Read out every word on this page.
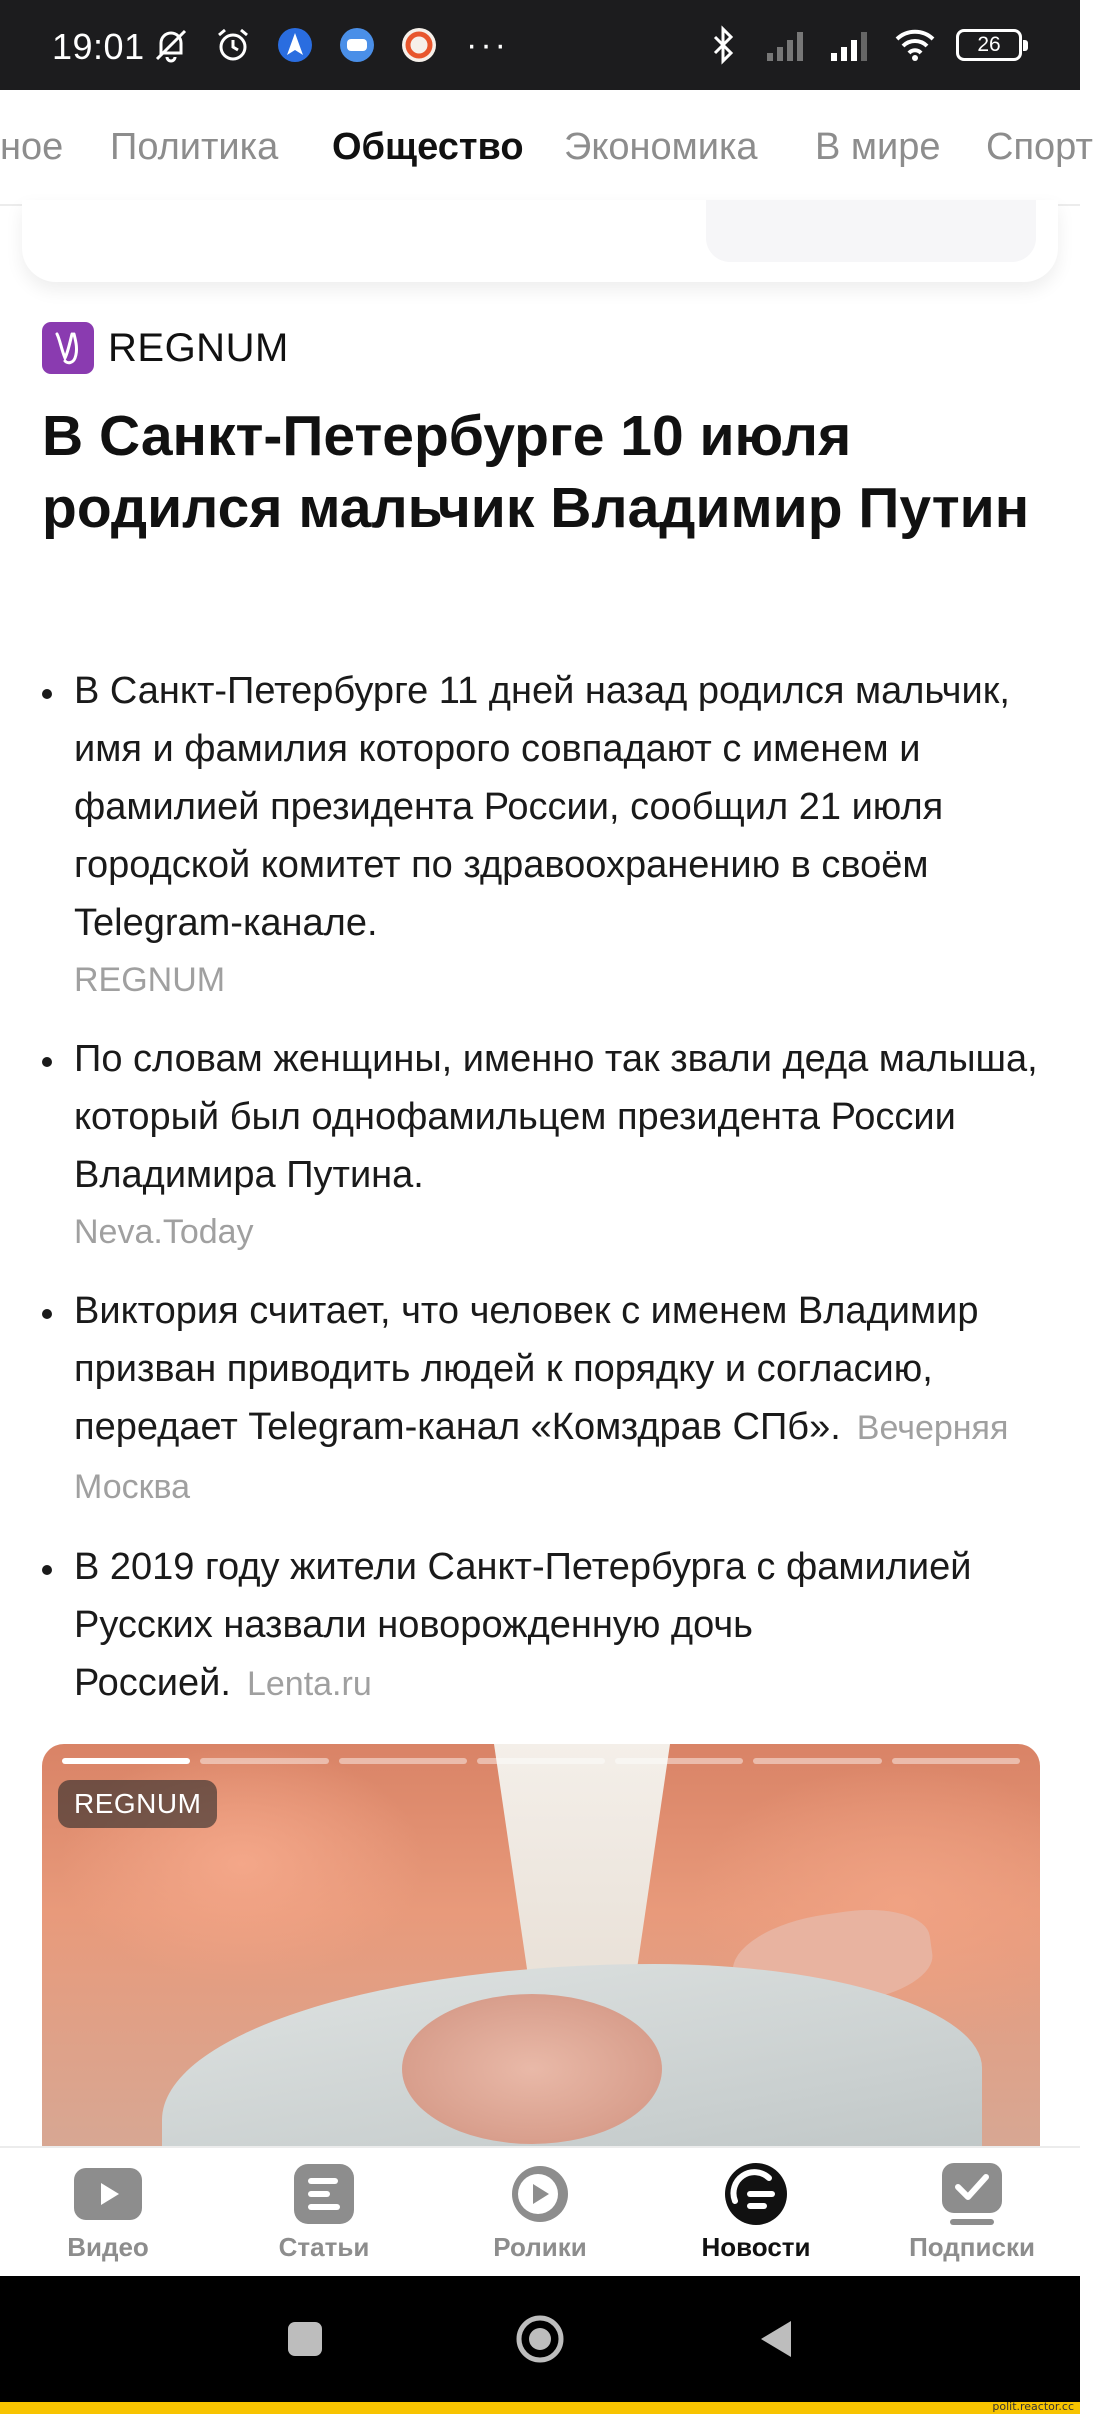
19:01	···	26
ное Политика Общество Экономика В мире Спорт
REGNUM
В Санкт-Петербурге 10 июля родился мальчик Владимир Путин
В Санкт-Петербурге 11 дней назад родился мальчик, имя и фамилия которого совпадают с именем и фамилией президента России, сообщил 21 июля городской комитет по здравоохранению в своём Telegram-канале.
REGNUM
По словам женщины, именно так звали деда малыша, который был однофамильцем президента России Владимира Путина.
Neva.Today
Виктория считает, что человек с именем Владимир призван приводить людей к порядку и согласию, передает Telegram-канал «Комздрав СПб». Вечерняя Москва
В 2019 году жители Санкт-Петербурга с фамилией Русских назвали новорожденную дочь Россией. Lenta.ru
REGNUM
Видео	Статьи	Ролики	Новости	Подписки
polit.reactor.cc
